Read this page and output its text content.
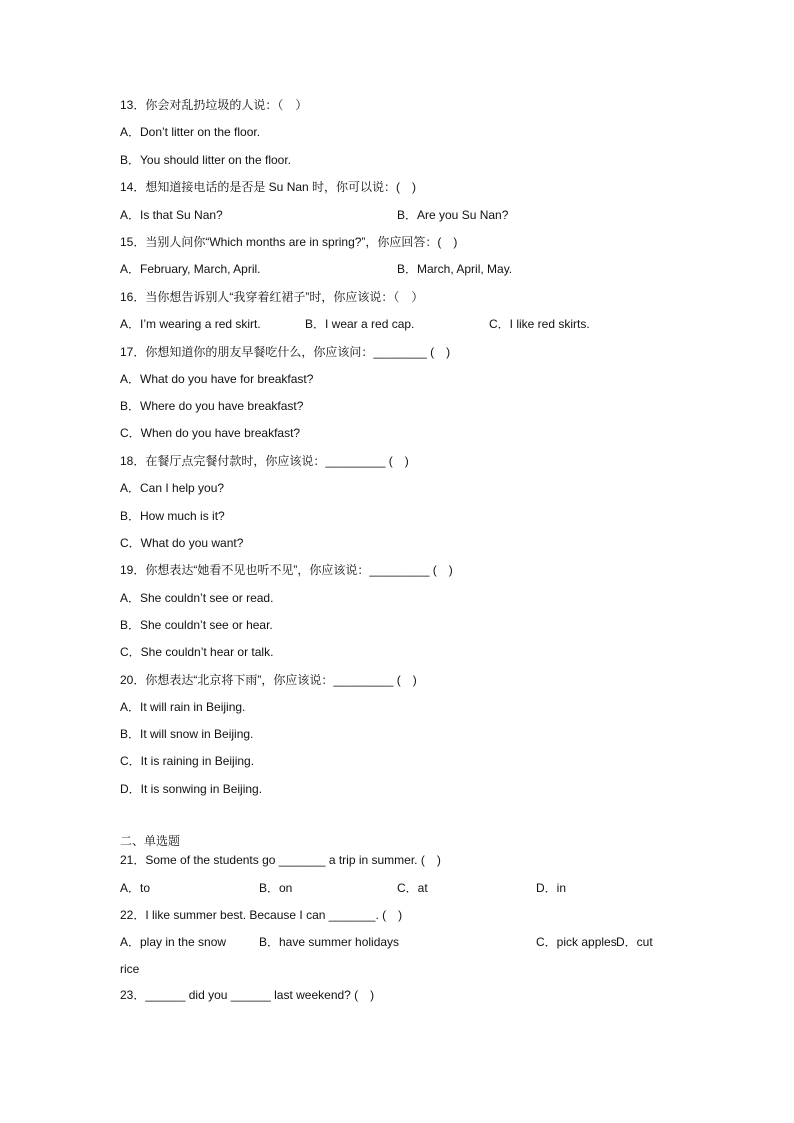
13．你会对乱扔垃圾的人说：（　）
A．Don’t litter on the floor.
B．You should litter on the floor.
14．想知道接电话的是否是 Su Nan 时，你可以说：(　)

A．Is that Su Nan?

	B．Are you Su Nan?

15．当别人问你“Which months are in spring?”，你应回答：(　)

A．February, March, April.

	B．March, April, May.

16．当你想告诉别人“我穿着红裙子”时，你应该说：（　）

A．I’m wearing a red skirt.

	B．I wear a red cap.

	C．I like red skirts.

17．你想知道你的朋友早餐吃什么，你应该问：________ (　)
A．What do you have for breakfast?
B．Where do you have breakfast?
C．When do you have breakfast?
18．在餐厅点完餐付款时，你应该说：_________ (　)
A．Can I help you?
B．How much is it?
C．What do you want?
19．你想表达“她看不见也听不见”，你应该说：_________ (　)
A．She couldn’t see or read.
B．She couldn’t see or hear.
C．She couldn’t hear or talk.
20．你想表达“北京将下雨”，你应该说：_________ (　)
A．It will rain in Beijing.
B．It will snow in Beijing.
C．It is raining in Beijing.
D．It is sonwing in Beijing.
二、单选题
21．Some of the students go _______ a trip in summer. (　)

A．to

	B．on

	C．at

	D．in

22．I like summer best. Because I can _______. (　)

A．play in the snow

	B．have summer holidays

	C．pick apples

D．cut

rice
23．______ did you ______ last weekend? (　)
